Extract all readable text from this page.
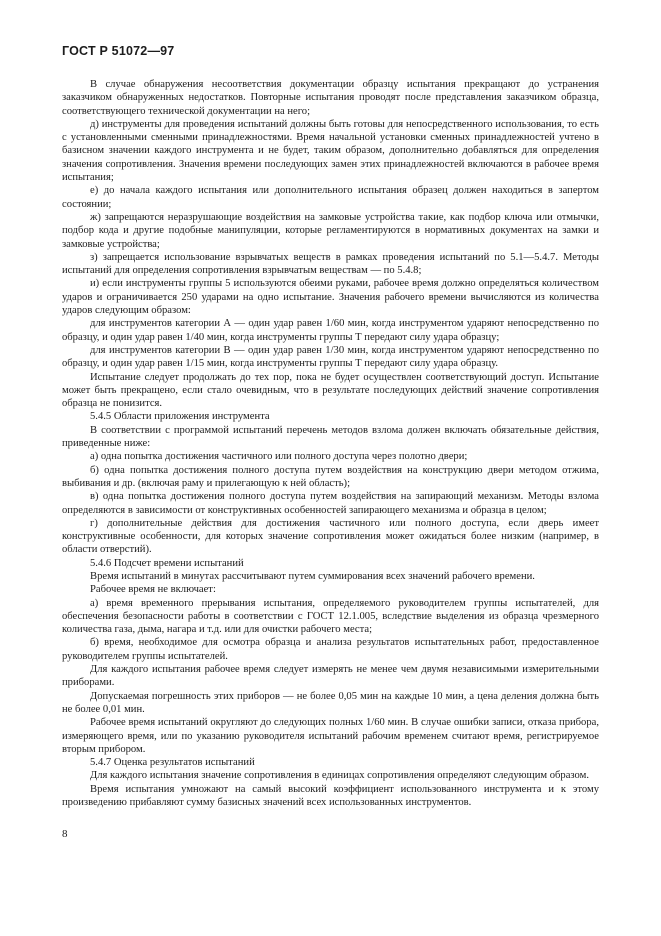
ГОСТ Р 51072—97

В случае обнаружения несоответствия документации образцу испытания прекращают до устранения заказчиком обнаруженных недостатков. Повторные испытания проводят после представления заказчиком образца, соответствующего технической документации на него;

д) инструменты для проведения испытаний должны быть готовы для непосредственного использования, то есть с установленными сменными принадлежностями. Время начальной установки сменных принадлежностей учтено в базисном значении каждого инструмента и не будет, таким образом, дополнительно добавляться для определения значения сопротивления. Значения времени последующих замен этих принадлежностей включаются в рабочее время испытания;

е) до начала каждого испытания или дополнительного испытания образец должен находиться в запертом состоянии;

ж) запрещаются неразрушающие воздействия на замковые устройства такие, как подбор ключа или отмычки, подбор кода и другие подобные манипуляции, которые регламентируются в нормативных документах на замки и замковые устройства;

з) запрещается использование взрывчатых веществ в рамках проведения испытаний по 5.1—5.4.7. Методы испытаний для определения сопротивления взрывчатым веществам — по 5.4.8;

и) если инструменты группы 5 используются обеими руками, рабочее время должно определяться количеством ударов и ограничивается 250 ударами на одно испытание. Значения рабочего времени вычисляются из количества ударов следующим образом:

для инструментов категории А — один удар равен 1/60 мин, когда инструментом ударяют непосредственно по образцу, и один удар равен 1/40 мин, когда инструменты группы Т передают силу удара образцу;

для инструментов категории В — один удар равен 1/30 мин, когда инструментом ударяют непосредственно по образцу, и один удар равен 1/15 мин, когда инструменты группы Т передают силу удара образцу.

Испытание следует продолжать до тех пор, пока не будет осуществлен соответствующий доступ. Испытание может быть прекращено, если стало очевидным, что в результате последующих действий значение сопротивления образца не понизится.

5.4.5 Области приложения инструмента

В соответствии с программой испытаний перечень методов взлома должен включать обязательные действия, приведенные ниже:

а) одна попытка достижения частичного или полного доступа через полотно двери;

б) одна попытка достижения полного доступа путем воздействия на конструкцию двери методом отжима, выбивания и др. (включая раму и прилегающую к ней область);

в) одна попытка достижения полного доступа путем воздействия на запирающий механизм. Методы взлома определяются в зависимости от конструктивных особенностей запирающего механизма и образца в целом;

г) дополнительные действия для достижения частичного или полного доступа, если дверь имеет конструктивные особенности, для которых значение сопротивления может ожидаться более низким (например, в области отверстий).

5.4.6 Подсчет времени испытаний

Время испытаний в минутах рассчитывают путем суммирования всех значений рабочего времени.

Рабочее время не включает:

а) время временного прерывания испытания, определяемого руководителем группы испытателей, для обеспечения безопасности работы в соответствии с ГОСТ 12.1.005, вследствие выделения из образца чрезмерного количества газа, дыма, нагара и т.д. или для очистки рабочего места;

б) время, необходимое для осмотра образца и анализа результатов испытательных работ, предоставленное руководителем группы испытателей.

Для каждого испытания рабочее время следует измерять не менее чем двумя независимыми измерительными приборами.

Допускаемая погрешность этих приборов — не более 0,05 мин на каждые 10 мин, а цена деления должна быть не более 0,01 мин.

Рабочее время испытаний округляют до следующих полных 1/60 мин. В случае ошибки записи, отказа прибора, измеряющего время, или по указанию руководителя испытаний рабочим временем считают время, регистрируемое вторым прибором.

5.4.7 Оценка результатов испытаний

Для каждого испытания значение сопротивления в единицах сопротивления определяют следующим образом.

Время испытания умножают на самый высокий коэффициент использованного инструмента и к этому произведению прибавляют сумму базисных значений всех использованных инструментов.

8
